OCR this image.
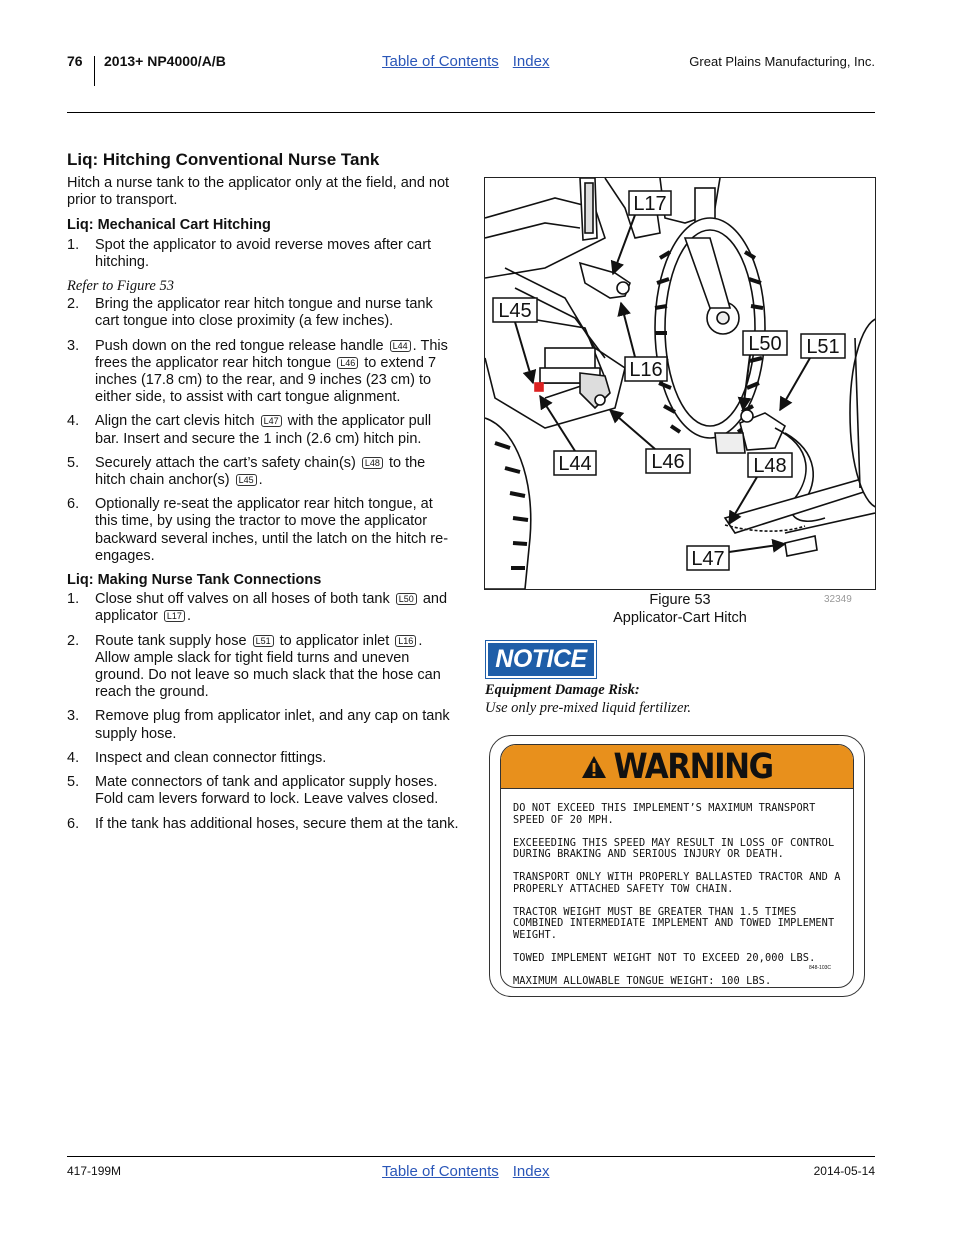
76 2013+ NP4000/A/B	Table of Contents Index	Great Plains Manufacturing, Inc.
Liq: Hitching Conventional Nurse Tank

Hitch a nurse tank to the applicator only at the field, and not prior to transport.

Liq: Mechanical Cart Hitching
1. Spot the applicator to avoid reverse moves after cart hitching.

Refer to Figure 53

2. Bring the applicator rear hitch tongue and nurse tank cart tongue into close proximity (a few inches).
3. Push down on the red tongue release handle L44 . This frees the applicator rear hitch tongue L46 to extend 7 inches (17.8 cm) to the rear, and 9 inches (23 cm) to either side, to assist with cart tongue alignment.
4. Align the cart clevis hitch L47 with the applicator pull bar. Insert and secure the 1 inch (2.6 cm) hitch pin.
5. Securely attach the cart’s safety chain(s) L48 to the hitch chain anchor(s) L45 .
6. Optionally re-seat the applicator rear hitch tongue, at this time, by using the tractor to move the applicator backward several inches, until the latch on the hitch re-engages.
Liq: Making Nurse Tank Connections
1. Close shut off valves on all hoses of both tank L50 and applicator L17 .
2. Route tank supply hose L51 to applicator inlet L16 . Allow ample slack for tight field turns and uneven ground. Do not leave so much slack that the hose can reach the ground.
3. Remove plug from applicator inlet, and any cap on tank supply hose.
4. Inspect and clean connector fittings.
5. Mate connectors of tank and applicator supply hoses. Fold cam levers forward to lock. Leave valves closed.
6. If the tank has additional hoses, secure them at the tank.
L17
L45
L16
L50 L51
L44	L46	L48
L47
Figure 53
Applicator-Cart Hitch
32349
NOTICE
Equipment Damage Risk:
Use only pre-mixed liquid fertilizer.
WARNING

DO NOT EXCEED THIS IMPLEMENT’S MAXIMUM TRANSPORT SPEED OF 20 MPH.

EXCEEEDING THIS SPEED MAY RESULT IN LOSS OF CONTROL DURING BRAKING AND SERIOUS INJURY OR DEATH.

TRANSPORT ONLY WITH PROPERLY BALLASTED TRACTOR AND A PROPERLY ATTACHED SAFETY TOW CHAIN.

TRACTOR WEIGHT MUST BE GREATER THAN 1.5 TIMES COMBINED INTERMEDIATE IMPLEMENT AND TOWED IMPLEMENT WEIGHT.

TOWED IMPLEMENT WEIGHT NOT TO EXCEED 20,000 LBS.

MAXIMUM ALLOWABLE TONGUE WEIGHT: 100 LBS.

848-103C
417-199M	Table of Contents Index	2014-05-14
